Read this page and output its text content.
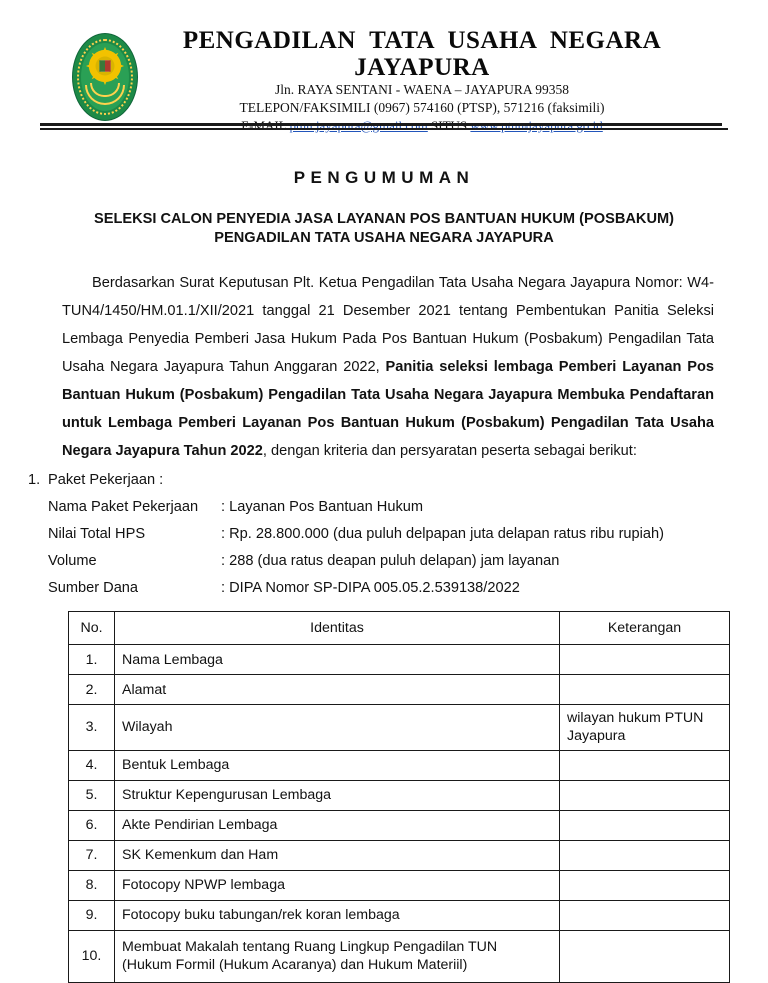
PENGADILAN TATA USAHA NEGARA JAYAPURA
Jln. RAYA SENTANI - WAENA – JAYAPURA 99358
TELEPON/FAKSIMILI (0967) 574160 (PTSP), 571216 (faksimili)
PENGUMUMAN
SELEKSI CALON PENYEDIA JASA LAYANAN POS BANTUAN HUKUM (POSBAKUM)
PENGADILAN TATA USAHA NEGARA JAYAPURA

Berdasarkan Surat Keputusan Plt. Ketua Pengadilan Tata Usaha Negara Jayapura Nomor: W4-TUN4/1450/HM.01.1/XII/2021 tanggal 21 Desember 2021 tentang Pembentukan Panitia Seleksi Lembaga Penyedia Pemberi Jasa Hukum Pada Pos Bantuan Hukum (Posbakum) Pengadilan Tata Usaha Negara Jayapura Tahun Anggaran 2022, Panitia seleksi lembaga Pemberi Layanan Pos Bantuan Hukum (Posbakum) Pengadilan Tata Usaha Negara Jayapura Membuka Pendaftaran untuk Lembaga Pemberi Layanan Pos Bantuan Hukum (Posbakum) Pengadilan Tata Usaha Negara Jayapura Tahun 2022, dengan kriteria dan persyaratan peserta sebagai berikut:

1. Paket Pekerjaan :
Nama Paket Pekerjaan	: Layanan Pos Bantuan Hukum
Nilai Total HPS	: Rp. 28.800.000 (dua puluh delpapan juta delapan ratus ribu rupiah)
Volume	: 288 (dua ratus deapan puluh delapan) jam layanan
Sumber Dana	: DIPA Nomor SP-DIPA 005.05.2.539138/2022
No.	Identitas	Keterangan
1.	Nama Lembaga	
2.	Alamat	
3.	Wilayah	wilayan hukum PTUN Jayapura
4.	Bentuk Lembaga	
5.	Struktur Kepengurusan Lembaga	
6.	Akte Pendirian Lembaga	
7.	SK Kemenkum dan Ham	
8.	Fotocopy NPWP lembaga	
9.	Fotocopy buku tabungan/rek koran lembaga	
10.	Membuat Makalah tentang Ruang Lingkup Pengadilan TUN
(Hukum Formil (Hukum Acaranya) dan Hukum Materiil)	
